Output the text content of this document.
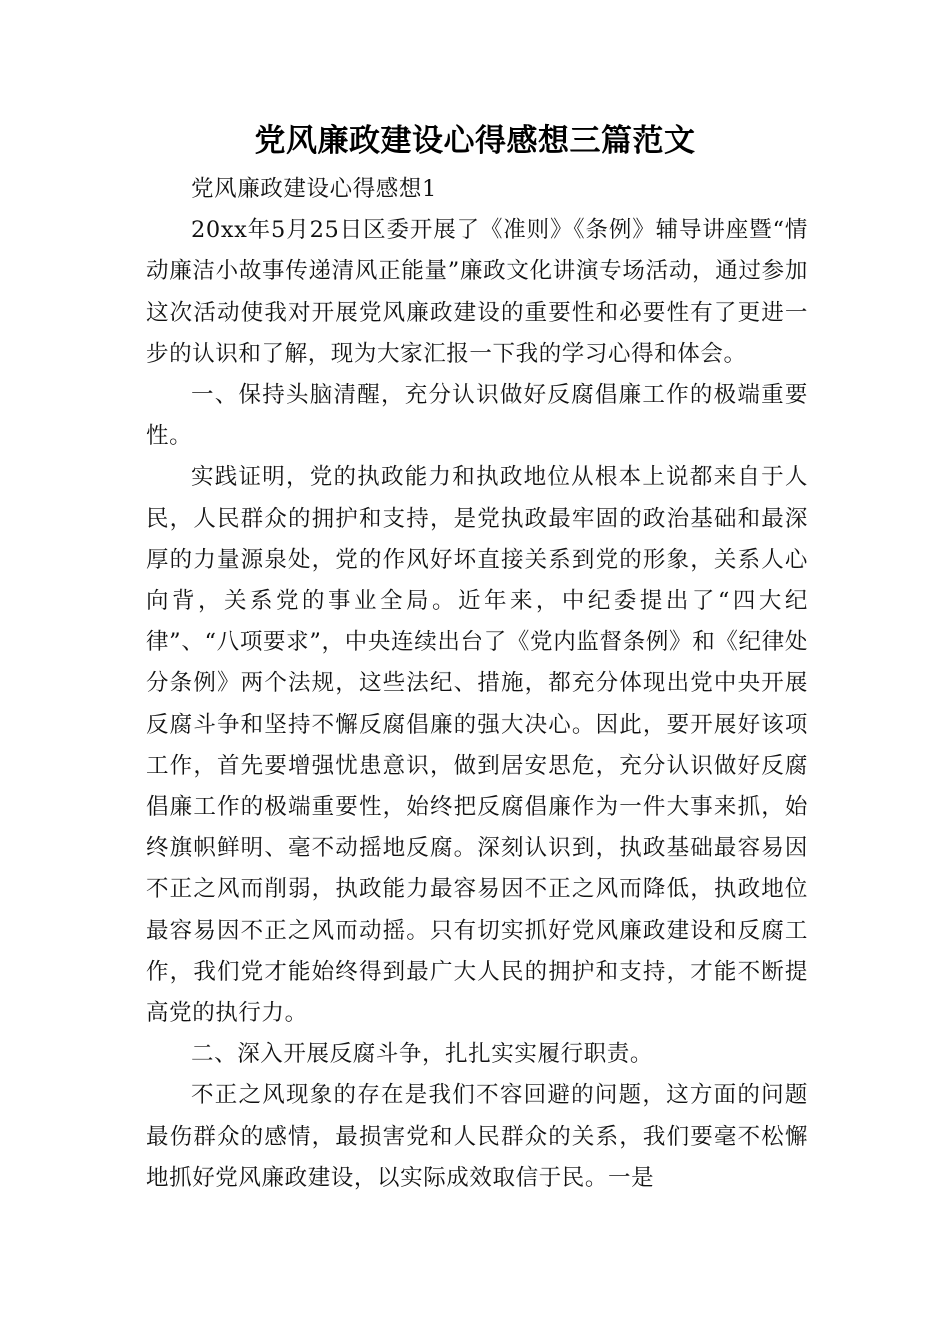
党风廉政建设心得感想三篇范文

党风廉政建设心得感想1

20xx年5月25日区委开展了《准则》《条例》辅导讲座暨“情动廉洁小故事传递清风正能量”廉政文化讲演专场活动，通过参加这次活动使我对开展党风廉政建设的重要性和必要性有了更进一步的认识和了解，现为大家汇报一下我的学习心得和体会。

一、保持头脑清醒，充分认识做好反腐倡廉工作的极端重要性。

实践证明，党的执政能力和执政地位从根本上说都来自于人民，人民群众的拥护和支持，是党执政最牢固的政治基础和最深厚的力量源泉处，党的作风好坏直接关系到党的形象，关系人心向背，关系党的事业全局。近年来，中纪委提出了“四大纪律”、“八项要求”，中央连续出台了《党内监督条例》和《纪律处分条例》两个法规，这些法纪、措施，都充分体现出党中央开展反腐斗争和坚持不懈反腐倡廉的强大决心。因此，要开展好该项工作，首先要增强忧患意识，做到居安思危，充分认识做好反腐倡廉工作的极端重要性，始终把反腐倡廉作为一件大事来抓，始终旗帜鲜明、毫不动摇地反腐。深刻认识到，执政基础最容易因不正之风而削弱，执政能力最容易因不正之风而降低，执政地位最容易因不正之风而动摇。只有切实抓好党风廉政建设和反腐工作，我们党才能始终得到最广大人民的拥护和支持，才能不断提高党的执行力。

二、深入开展反腐斗争，扎扎实实履行职责。

不正之风现象的存在是我们不容回避的问题，这方面的问题最伤群众的感情，最损害党和人民群众的关系，我们要毫不松懈地抓好党风廉政建设，以实际成效取信于民。一是
